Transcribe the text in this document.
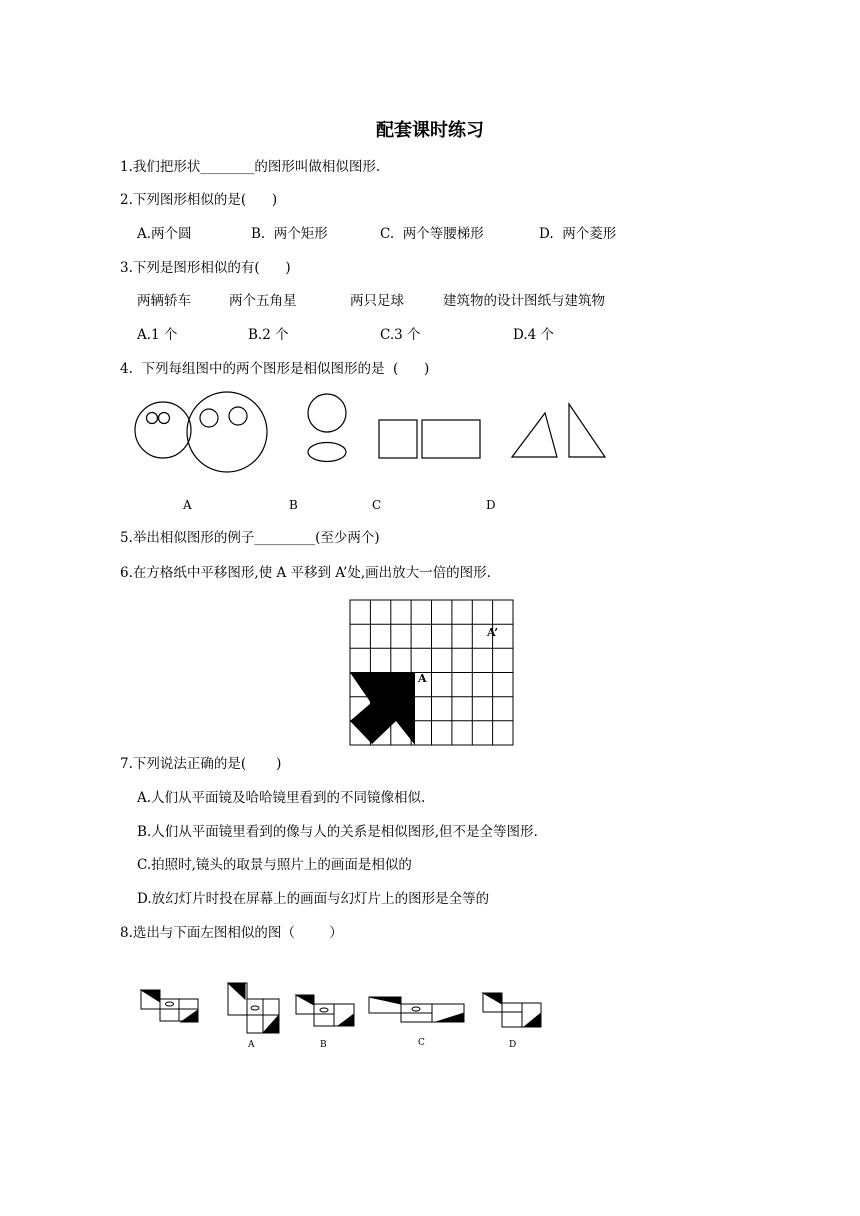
配套课时练习
1.我们把形状________的图形叫做相似图形.
2.下列图形相似的是(      )
A.两个圆	B.  两个矩形	C.  两个等腰梯形	D.  两个菱形
3.下列是图形相似的有(      )
两辆轿车	两个五角星	两只足球	建筑物的设计图纸与建筑物
A.1 个	B.2 个	C.3 个	D.4 个
4.  下列每组图中的两个图形是相似图形的是  (      )
A	B	C	D
5.举出相似图形的例子_________(至少两个)
6.在方格纸中平移图形,使 A 平移到 A’处,画出放大一倍的图形.
A
A’
7.下列说法正确的是(       )
A.人们从平面镜及哈哈镜里看到的不同镜像相似.
B.人们从平面镜里看到的像与人的关系是相似图形,但不是全等图形.
C.拍照时,镜头的取景与照片上的画面是相似的
D.放幻灯片时投在屏幕上的画面与幻灯片上的图形是全等的
8.选出与下面左图相似的图（        ）
A	B	C	D
